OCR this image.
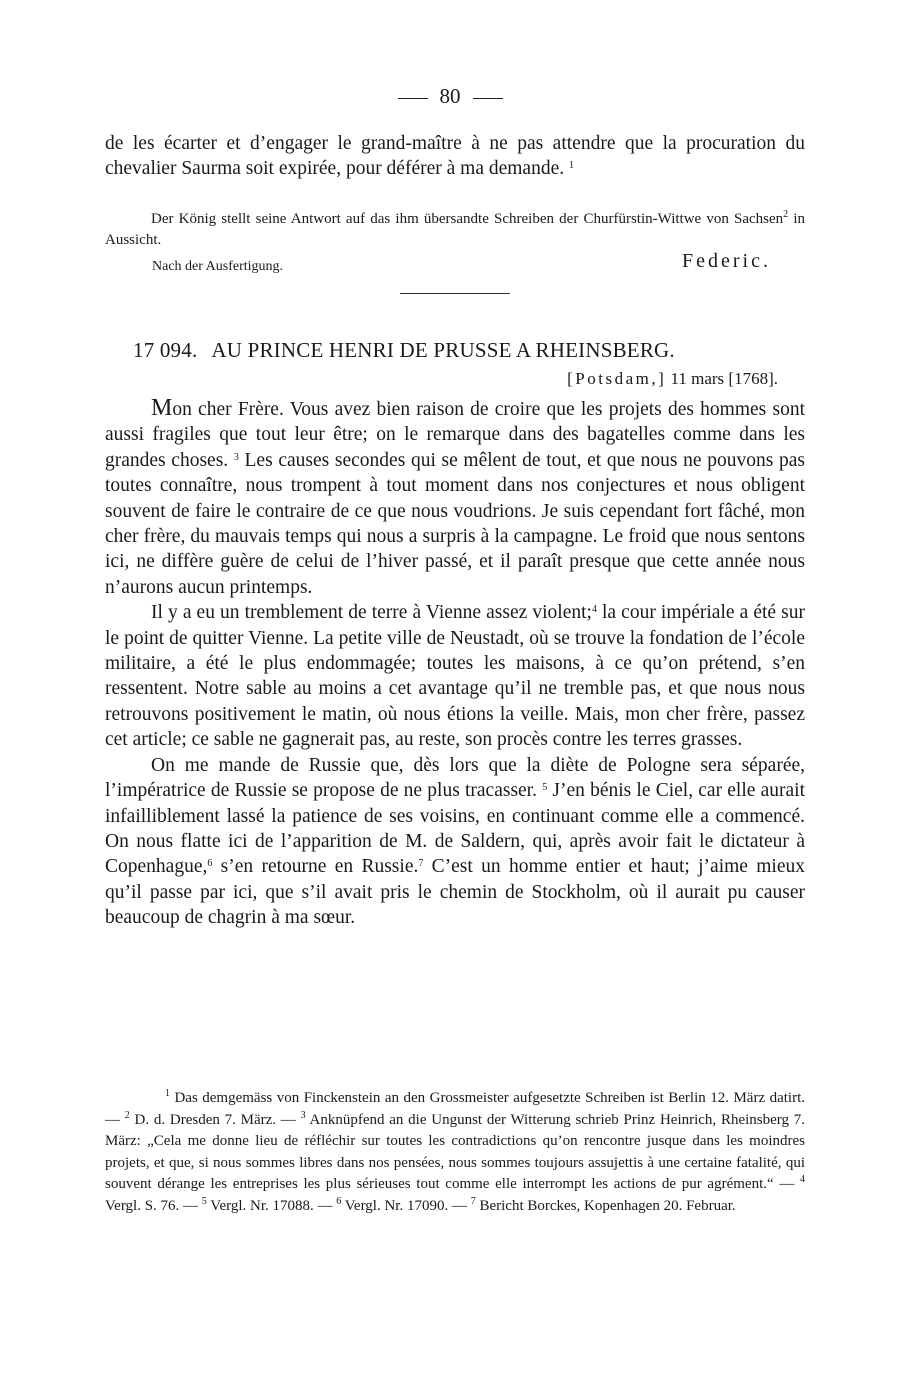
80

de les écarter et d’engager le grand-maître à ne pas attendre que la procuration du chevalier Saurma soit expirée, pour déférer à ma demande. $^1$

Der König stellt seine Antwort auf das ihm übersandte Schreiben der Churfürstin-Wittwe von Sachsen$^2$ in Aussicht.

Nach der Ausfertigung.	Federic.
17 094. AU PRINCE HENRI DE PRUSSE A RHEINSBERG.
[Potsdam,] 11 mars [1768].

Mon cher Frère. Vous avez bien raison de croire que les projets des hommes sont aussi fragiles que tout leur être; on le remarque dans des bagatelles comme dans les grandes choses. $^3$ Les causes secondes qui se mêlent de tout, et que nous ne pouvons pas toutes connaître, nous trompent à tout moment dans nos conjectures et nous obligent souvent de faire le contraire de ce que nous voudrions. Je suis cependant fort fâché, mon cher frère, du mauvais temps qui nous a surpris à la campagne. Le froid que nous sentons ici, ne diffère guère de celui de l’hiver passé, et il paraît presque que cette année nous n’aurons aucun printemps.

Il y a eu un tremblement de terre à Vienne assez violent;$^4$ la cour impériale a été sur le point de quitter Vienne. La petite ville de Neustadt, où se trouve la fondation de l’école militaire, a été le plus endommagée; toutes les maisons, à ce qu’on prétend, s’en ressentent. Notre sable au moins a cet avantage qu’il ne tremble pas, et que nous nous retrouvons positivement le matin, où nous étions la veille. Mais, mon cher frère, passez cet article; ce sable ne gagnerait pas, au reste, son procès contre les terres grasses.

On me mande de Russie que, dès lors que la diète de Pologne sera séparée, l’impératrice de Russie se propose de ne plus tracasser. $^5$ J’en bénis le Ciel, car elle aurait infailliblement lassé la patience de ses voisins, en continuant comme elle a commencé. On nous flatte ici de l’apparition de M. de Saldern, qui, après avoir fait le dictateur à Copenhague,$^6$ s’en retourne en Russie.$^7$ C’est un homme entier et haut; j’aime mieux qu’il passe par ici, que s’il avait pris le chemin de Stockholm, où il aurait pu causer beaucoup de chagrin à ma sœur.

$^1$ Das demgemäss von Finckenstein an den Grossmeister aufgesetzte Schreiben ist Berlin 12. März datirt. — $^2$ D. d. Dresden 7. März. — $^3$ Anknüpfend an die Ungunst der Witterung schrieb Prinz Heinrich, Rheinsberg 7. März: „Cela me donne lieu de réfléchir sur toutes les contradictions qu’on rencontre jusque dans les moindres projets, et que, si nous sommes libres dans nos pensées, nous sommes toujours assujettis à une certaine fatalité, qui souvent dérange les entreprises les plus sérieuses tout comme elle interrompt les actions de pur agrément.“ — $^4$ Vergl. S. 76. — $^5$ Vergl. Nr. 17088. — $^6$ Vergl. Nr. 17090. — $^7$ Bericht Borckes, Kopenhagen 20. Februar.
